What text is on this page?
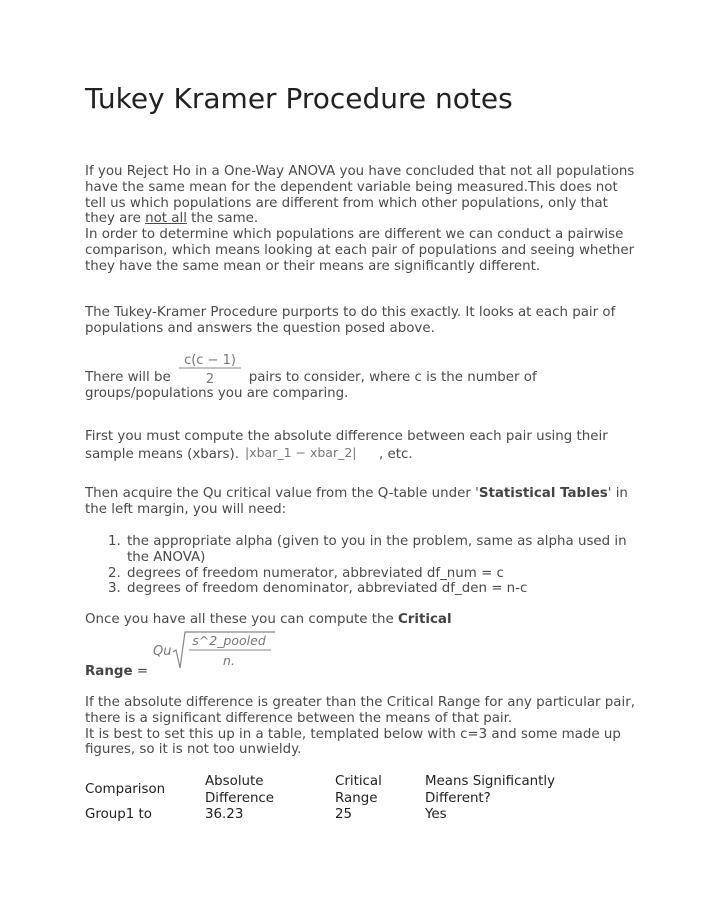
Tukey Kramer Procedure notes

If you Reject Ho in a One-Way ANOVA you have concluded that not all populations have the same mean for the dependent variable being measured.This does not tell us which populations are different from which other populations, only that they are not all the same.
In order to determine which populations are different we can conduct a pairwise comparison, which means looking at each pair of populations and seeing whether they have the same mean or their means are significantly different.

The Tukey-Kramer Procedure purports to do this exactly. It looks at each pair of populations and answers the question posed above.

There will be
c(c − 1)
2	pairs to consider, where c is the number of groups/populations you are comparing.

First you must compute the absolute difference between each pair using their sample means (xbars). |xbar_1 − xbar_2| , etc.

Then acquire the Qu critical value from the Q-table under 'Statistical Tables' in the left margin, you will need:

1. the appropriate alpha (given to you in the problem, same as alpha used in the ANOVA)
2. degrees of freedom numerator, abbreviated df_num = c
3. degrees of freedom denominator, abbreviated df_den = n-c

Once you have all these you can compute the Critical

Qu
s^2_pooled
n.

Range =

If the absolute difference is greater than the Critical Range for any particular pair, there is a significant difference between the means of that pair.
It is best to set this up in a table, templated below with c=3 and some made up figures, so it is not too unwieldy.

Comparison	Absolute Difference	Critical Range	Means Significantly Different?
Group1 to	36.23	25	Yes
